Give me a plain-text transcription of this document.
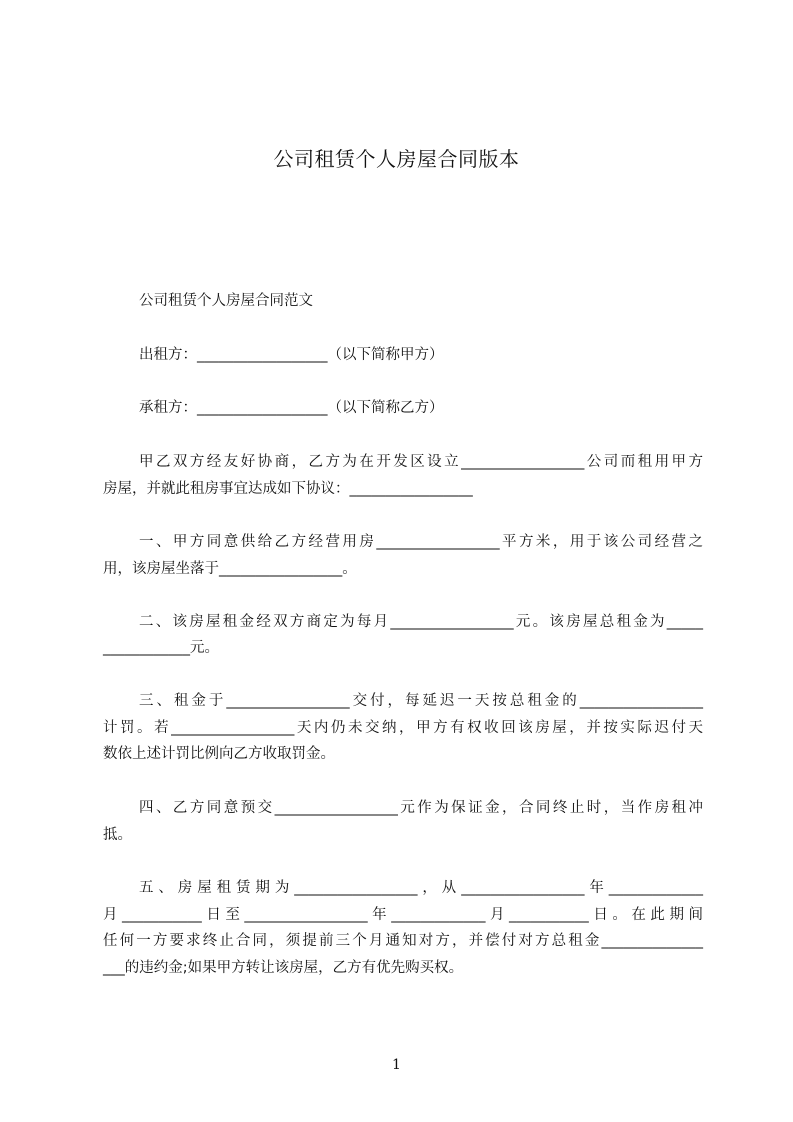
公司租赁个人房屋合同版本
公司租赁个人房屋合同范文
出租方：__________________（以下简称甲方）
承租方：__________________（以下简称乙方）
甲乙双方经友好协商，乙方为在开发区设立_________________公司而租用甲方
房屋，并就此租房事宜达成如下协议：_________________
一、甲方同意供给乙方经营用房_________________平方米，用于该公司经营之
用，该房屋坐落于_________________。
二、该房屋租金经双方商定为每月_________________元。该房屋总租金为_____
____________元。
三、租金于_________________交付，每延迟一天按总租金的_________________
计罚。若_________________天内仍未交纳，甲方有权收回该房屋，并按实际迟付天
数依上述计罚比例向乙方收取罚金。
四、乙方同意预交_________________元作为保证金，合同终止时，当作房租冲
抵。
五、房屋租赁期为_________________，从_________________年_____________
月___________日至_________________年_____________月___________日。在此期间
任何一方要求终止合同，须提前三个月通知对方，并偿付对方总租金______________
___的违约金;如果甲方转让该房屋，乙方有优先购买权。
1
